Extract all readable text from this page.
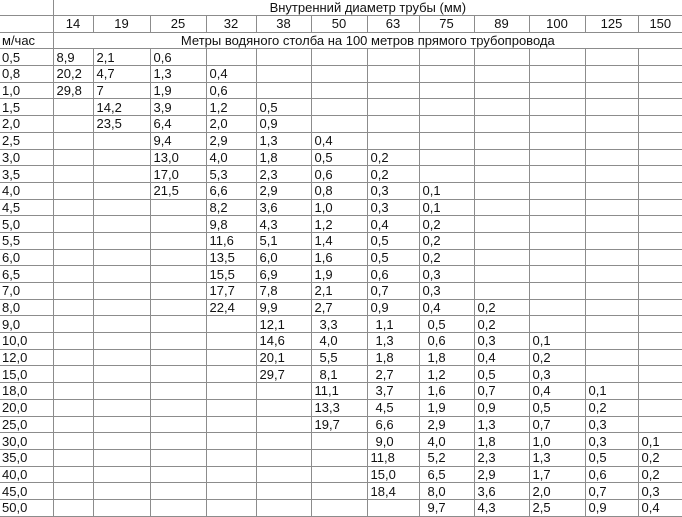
	Внутренний диаметр трубы (мм)											
	14	19	25	32	38	50	63	75	89	100	125	150
м/час	Метры водяного столба на 100 метров прямого трубопровода											
0,5	8,9	2,1	0,6									
0,8	20,2	4,7	1,3	0,4								
1,0	29,8	7	1,9	0,6								
1,5		14,2	3,9	1,2	0,5							
2,0		23,5	6,4	2,0	0,9							
2,5			9,4	2,9	1,3	0,4						
3,0			13,0	4,0	1,8	0,5	0,2					
3,5			17,0	5,3	2,3	0,6	0,2					
4,0			21,5	6,6	2,9	0,8	0,3	0,1				
4,5				8,2	3,6	1,0	0,3	0,1				
5,0				9,8	4,3	1,2	0,4	0,2				
5,5				11,6	5,1	1,4	0,5	0,2				
6,0				13,5	6,0	1,6	0,5	0,2				
6,5				15,5	6,9	1,9	0,6	0,3				
7,0				17,7	7,8	2,1	0,7	0,3				
8,0				22,4	9,9	2,7	0,9	0,4	0,2			
9,0					12,1	3,3	1,1	0,5	0,2			
10,0					14,6	4,0	1,3	0,6	0,3	0,1		
12,0					20,1	5,5	1,8	1,8	0,4	0,2		
15,0					29,7	8,1	2,7	1,2	0,5	0,3		
18,0						11,1	3,7	1,6	0,7	0,4	0,1	
20,0						13,3	4,5	1,9	0,9	0,5	0,2	
25,0						19,7	6,6	2,9	1,3	0,7	0,3	
30,0							9,0	4,0	1,8	1,0	0,3	0,1
35,0							11,8	5,2	2,3	1,3	0,5	0,2
40,0							15,0	6,5	2,9	1,7	0,6	0,2
45,0							18,4	8,0	3,6	2,0	0,7	0,3
50,0								9,7	4,3	2,5	0,9	0,4
